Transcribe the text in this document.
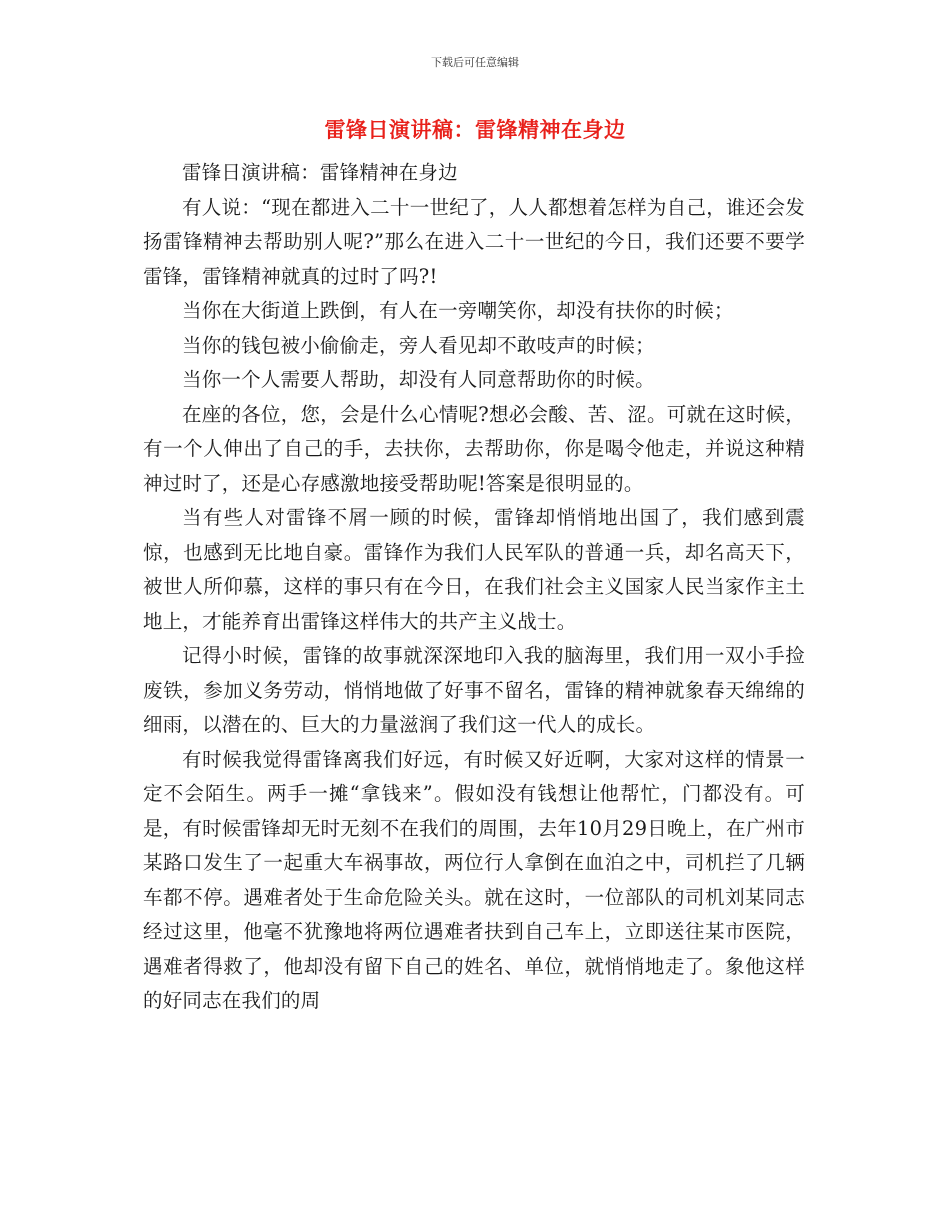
下载后可任意编辑
雷锋日演讲稿：雷锋精神在身边

雷锋日演讲稿：雷锋精神在身边

有人说：“现在都进入二十一世纪了，人人都想着怎样为自己，谁还会发扬雷锋精神去帮助别人呢?”那么在进入二十一世纪的今日，我们还要不要学雷锋，雷锋精神就真的过时了吗?!

当你在大街道上跌倒，有人在一旁嘲笑你，却没有扶你的时候；

当你的钱包被小偷偷走，旁人看见却不敢吱声的时候；

当你一个人需要人帮助，却没有人同意帮助你的时候。

在座的各位，您，会是什么心情呢?想必会酸、苦、涩。可就在这时候，有一个人伸出了自己的手，去扶你，去帮助你，你是喝令他走，并说这种精神过时了，还是心存感激地接受帮助呢!答案是很明显的。

当有些人对雷锋不屑一顾的时候，雷锋却悄悄地出国了，我们感到震惊，也感到无比地自豪。雷锋作为我们人民军队的普通一兵，却名高天下，被世人所仰慕，这样的事只有在今日，在我们社会主义国家人民当家作主土地上，才能养育出雷锋这样伟大的共产主义战士。

记得小时候，雷锋的故事就深深地印入我的脑海里，我们用一双小手捡废铁，参加义务劳动，悄悄地做了好事不留名，雷锋的精神就象春天绵绵的细雨，以潜在的、巨大的力量滋润了我们这一代人的成长。

有时候我觉得雷锋离我们好远，有时候又好近啊，大家对这样的情景一定不会陌生。两手一摊“拿钱来”。假如没有钱想让他帮忙，门都没有。可是，有时候雷锋却无时无刻不在我们的周围，去年10月29日晚上，在广州市某路口发生了一起重大车祸事故，两位行人拿倒在血泊之中，司机拦了几辆车都不停。遇难者处于生命危险关头。就在这时，一位部队的司机刘某同志经过这里，他毫不犹豫地将两位遇难者扶到自己车上，立即送往某市医院，遇难者得救了，他却没有留下自己的姓名、单位，就悄悄地走了。象他这样的好同志在我们的周
